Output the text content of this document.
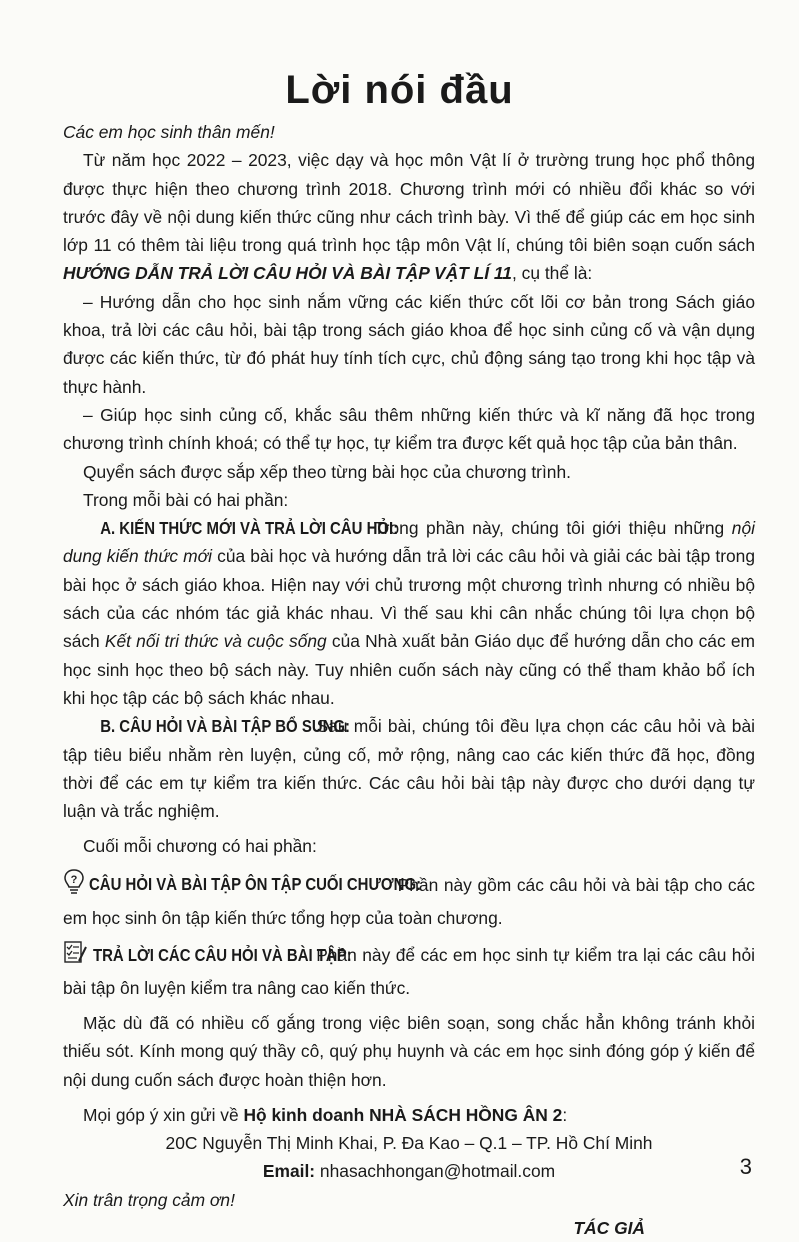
Lời nói đầu

Các em học sinh thân mến!

Từ năm học 2022 – 2023, việc dạy và học môn Vật lí ở trường trung học phổ thông được thực hiện theo chương trình 2018. Chương trình mới có nhiều đổi khác so với trước đây về nội dung kiến thức cũng như cách trình bày. Vì thế để giúp các em học sinh lớp 11 có thêm tài liệu trong quá trình học tập môn Vật lí, chúng tôi biên soạn cuốn sách HƯỚNG DẪN TRẢ LỜI CÂU HỎI VÀ BÀI TẬP VẬT LÍ 11, cụ thể là:

– Hướng dẫn cho học sinh nắm vững các kiến thức cốt lõi cơ bản trong Sách giáo khoa, trả lời các câu hỏi, bài tập trong sách giáo khoa để học sinh củng cố và vận dụng được các kiến thức, từ đó phát huy tính tích cực, chủ động sáng tạo trong khi học tập và thực hành.

– Giúp học sinh củng cố, khắc sâu thêm những kiến thức và kĩ năng đã học trong chương trình chính khoá; có thể tự học, tự kiểm tra được kết quả học tập của bản thân.

Quyển sách được sắp xếp theo từng bài học của chương trình.

Trong mỗi bài có hai phần:

A. KIẾN THỨC MỚI VÀ TRẢ LỜI CÂU HỎI: Trong phần này, chúng tôi giới thiệu những nội dung kiến thức mới của bài học và hướng dẫn trả lời các câu hỏi và giải các bài tập trong bài học ở sách giáo khoa. Hiện nay với chủ trương một chương trình nhưng có nhiều bộ sách của các nhóm tác giả khác nhau. Vì thế sau khi cân nhắc chúng tôi lựa chọn bộ sách Kết nối tri thức và cuộc sống của Nhà xuất bản Giáo dục để hướng dẫn cho các em học sinh học theo bộ sách này. Tuy nhiên cuốn sách này cũng có thể tham khảo bổ ích khi học tập các bộ sách khác nhau.

B. CÂU HỎI VÀ BÀI TẬP BỔ SUNG: Sau mỗi bài, chúng tôi đều lựa chọn các câu hỏi và bài tập tiêu biểu nhằm rèn luyện, củng cố, mở rộng, nâng cao các kiến thức đã học, đồng thời để các em tự kiểm tra kiến thức. Các câu hỏi bài tập này được cho dưới dạng tự luận và trắc nghiệm.

Cuối mỗi chương có hai phần:

? CÂU HỎI VÀ BÀI TẬP ÔN TẬP CUỐI CHƯƠNG: Phần này gồm các câu hỏi và bài tập cho các em học sinh ôn tập kiến thức tổng hợp của toàn chương.

TRẢ LỜI CÁC CÂU HỎI VÀ BÀI TẬP: Phần này để các em học sinh tự kiểm tra lại các câu hỏi bài tập ôn luyện kiểm tra nâng cao kiến thức.

Mặc dù đã có nhiều cố gắng trong việc biên soạn, song chắc hẳn không tránh khỏi thiếu sót. Kính mong quý thầy cô, quý phụ huynh và các em học sinh đóng góp ý kiến để nội dung cuốn sách được hoàn thiện hơn.

Mọi góp ý xin gửi về Hộ kinh doanh NHÀ SÁCH HỒNG ÂN 2:

20C Nguyễn Thị Minh Khai, P. Đa Kao – Q.1 – TP. Hồ Chí Minh

Email: nhasachhongan@hotmail.com

Xin trân trọng cảm ơn!

TÁC GIẢ

3
